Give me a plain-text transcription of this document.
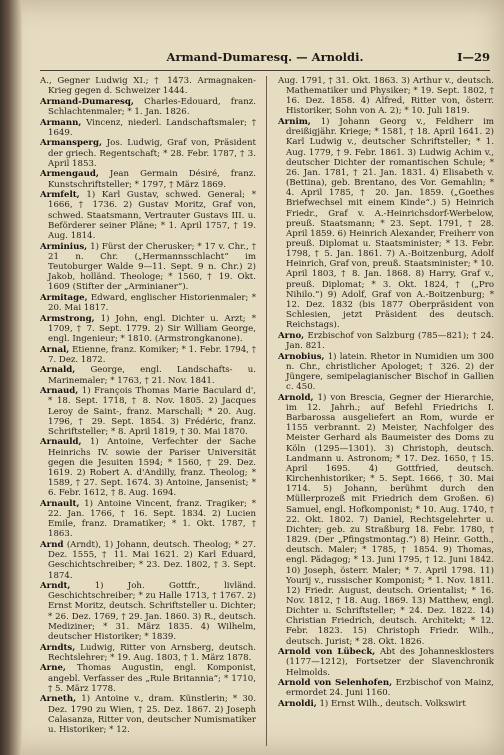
Armand-Dumaresq. — Arnoldi.	I—29
A., Gegner Ludwig XI.; † 1473. Armagnaken-Krieg gegen d. Schweizer 1444.
Armand-Dumaresq, Charles-Edouard, franz. Schlachtenmaler; * 1. Jan. 1826.
Armann, Vincenz, niederl. Landschaftsmaler; † 1649.
Armansperg, Jos. Ludwig, Graf von, Präsident der griech. Regentschaft; * 28. Febr. 1787, † 3. April 1853.
Armengaud, Jean Germain Désiré, franz. Kunstschriftsteller; * 1797, † März 1869.
Armfelt, 1) Karl Gustav, schwed. General; * 1666, † 1736. 2) Gustav Moritz, Graf von, schwed. Staatsmann, Vertrauter Gustavs III. u. Beförderer seiner Pläne; * 1. April 1757, † 19. Aug. 1814.
Arminius, 1) Fürst der Cherusker; * 17 v. Chr., † 21 n. Chr. („Hermannsschlacht“ im Teutoburger Walde 9—11. Sept. 9 n. Chr.) 2) Jakob, holländ. Theologe; * 1560, † 19. Okt. 1609 (Stifter der „Arminianer“).
Armitage, Edward, englischer Historienmaler; * 20. Mai 1817.
Armstrong, 1) John, engl. Dichter u. Arzt; * 1709, † 7. Sept. 1779. 2) Sir William George, engl. Ingenieur; * 1810. (Armstrongkanone).
Arnal, Etienne, franz. Komiker; * 1. Febr. 1794, † 7. Dez. 1872.
Arnald, George, engl. Landschafts- u. Marinemaler; * 1763, † 21. Nov. 1841.
Arnaud, 1) François Thomas Marie Baculard d', * 18. Sept. 1718, † 8. Nov. 1805. 2) Jacques Leroy de Saint-, franz. Marschall; * 20. Aug. 1796, † 29. Sept. 1854. 3) Frédéric, franz. Schriftsteller; * 8. April 1819, † 30. Mai 1870.
Arnauld, 1) Antoine, Verfechter der Sache Heinrichs IV. sowie der Pariser Universität gegen die Jesuiten 1594; * 1560, † 29. Dez. 1619. 2) Robert A. d'Andilly, franz. Theolog; * 1589, † 27. Sept. 1674. 3) Antoine, Jansenist; * 6. Febr. 1612, † 8. Aug. 1694.
Arnault, 1) Antoine Vincent, franz. Tragiker; * 22. Jan. 1766, † 16. Sept. 1834. 2) Lucien Emile, franz. Dramatiker; * 1. Okt. 1787, † 1863.
Arnd (Arndt), 1) Johann, deutsch. Theolog; * 27. Dez. 1555, † 11. Mai 1621. 2) Karl Eduard, Geschichtschreiber; * 23. Dez. 1802, † 3. Sept. 1874.
Arndt,	1) Joh. Gottfr., livländ. Geschichtschreiber; * zu Halle 1713, † 1767. 2) Ernst Moritz, deutsch. Schriftsteller u. Dichter; * 26. Dez. 1769, † 29. Jan. 1860. 3) R., deutsch. Mediziner; * 31. März 1835. 4) Wilhelm, deutscher Historiker; * 1839.
Arndts, Ludwig, Ritter von Arnsberg, deutsch. Rechtslehrer; * 19. Aug. 1803, † 1. März 1878.
Arne, Thomas Augustin, engl. Komponist, angebl. Verfasser des „Rule Britannia“; * 1710, † 5. März 1778.
Arneth, 1) Antoine v., dram. Künstlerin; * 30. Dez. 1790 zu Wien, † 25. Dez. 1867. 2) Joseph Calasanza, Ritter von, deutscher Numismatiker u. Historiker; * 12.
Aug. 1791, † 31. Okt. 1863. 3) Arthur v., deutsch. Mathematiker und Physiker; * 19. Sept. 1802, † 16. Dez. 1858. 4) Alfred, Ritter von, österr. Historiker, Sohn von A. 2); * 10. Juli 1819.
Arnim, 1) Johann Georg v., Feldherr im dreißigjähr. Kriege; * 1581, † 18. April 1641. 2) Karl Ludwig v., deutscher Schriftsteller; * 1. Aug. 1779, † 9. Febr. 1861. 3) Ludwig Achim v., deutscher Dichter der romantischen Schule; * 26. Jan. 1781, † 21. Jan. 1831. 4) Elisabeth v. (Bettina), geb. Brentano, des Vor. Gemahlin; * 4. April 1785, † 20. Jan. 1859. („Goethes Briefwechsel mit einem Kinde“.) 5) Heinrich Friedr., Graf v. A.-Heinrichsdorf-Werbelow, preuß. Staatsmann; * 23. Sept. 1791, † 28. April 1859. 6) Heinrich Alexander, Freiherr von preuß. Diplomat u. Staatsminister; * 13. Febr. 1798, † 5. Jan. 1861. 7) A.-Boitzenburg, Adolf Heinrich, Graf von, preuß. Staatsminister; * 10. April 1803, † 8. Jan. 1868. 8) Harry, Graf v., preuß. Diplomat; * 3. Okt. 1824, † („Pro Nihilo.“) 9) Adolf, Graf von A.-Boitzenburg; * 12. Dez. 1832 (bis 1877 Oberpräsident von Schlesien, jetzt Präsident des deutsch. Reichstags).
Arno, Erzbischof von Salzburg (785—821); † 24. Jan. 821.
Arnobius, 1) latein. Rhetor in Numidien um 300 n. Chr., christlicher Apologet; † 326. 2) der Jüngere, semipelagianischer Bischof in Gallien c. 450.
Arnold, 1) von Brescia, Gegner der Hierarchie, im 12. Jahrh.; auf Befehl Friedrichs I. Barbarossa ausgeliefert an Rom, wurde er 1155 verbrannt. 2) Meister, Nachfolger des Meister Gerhard als Baumeister des Doms zu Köln (1295—1301). 3) Christoph, deutsch. Landmann u. Astronom; * 17. Dez. 1650, † 15. April 1695. 4) Gottfried, deutsch. Kirchenhistoriker; * 5. Sept. 1666, † 30. Mai 1714. 5) Johann, berühmt durch den Müllerprozeß mit Friedrich dem Großen. 6) Samuel, engl. Hofkomponist; * 10. Aug. 1740, † 22. Okt. 1802. 7) Daniel, Rechtsgelehrter u. Dichter; geb. zu Straßburg 18. Febr. 1780, † 1829. (Der „Pfingstmontag.“) 8) Heinr. Gotth., deutsch. Maler; * 1785, † 1854. 9) Thomas, engl. Pädagog; * 13. Juni 1795, † 12. Juni 1842. 10) Joseph, österr. Maler; * 7. April 1798. 11) Yourij v., russischer Komponist; * 1. Nov. 1811. 12) Friedr. August, deutsch. Orientalist; * 16. Nov. 1812, † 18. Aug. 1869. 13) Matthew, engl. Dichter u. Schriftsteller; * 24. Dez. 1822. 14) Christian Friedrich, deutsch. Architekt; * 12. Febr. 1823. 15) Christoph Friedr. Wilh., deutsch. Jurist; * 28. Okt. 1826.
Arnold von Lübeck, Abt des Johannesklosters (1177—1212), Fortsetzer der Slavenchronik Helmolds.
Arnold von Selenhofen, Erzbischof von Mainz, ermordet 24. Juni 1160.
Arnoldi, 1) Ernst Wilh., deutsch. Volkswirt
